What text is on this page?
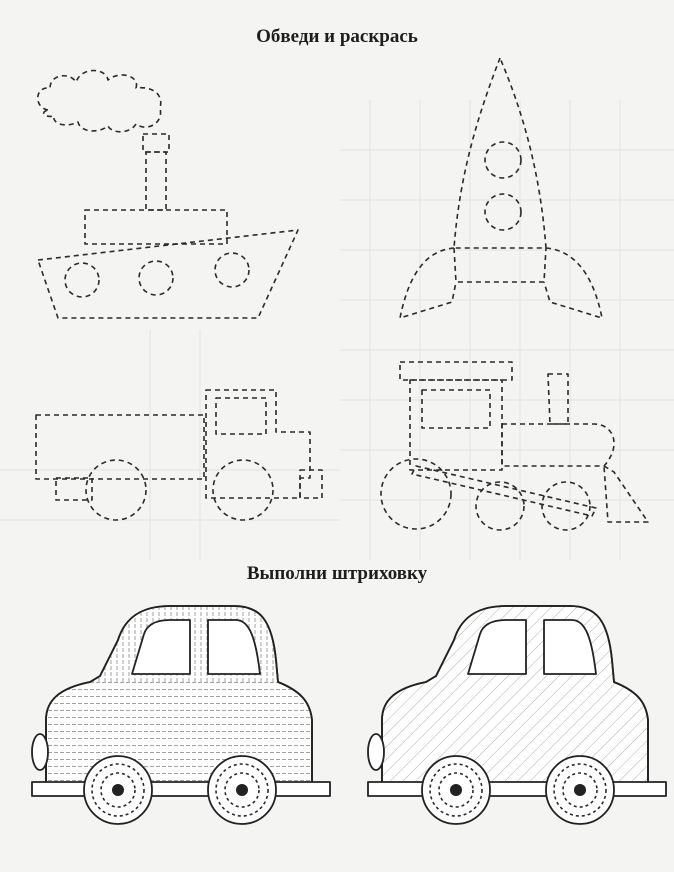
Обведи и раскрась
Выполни штриховку
